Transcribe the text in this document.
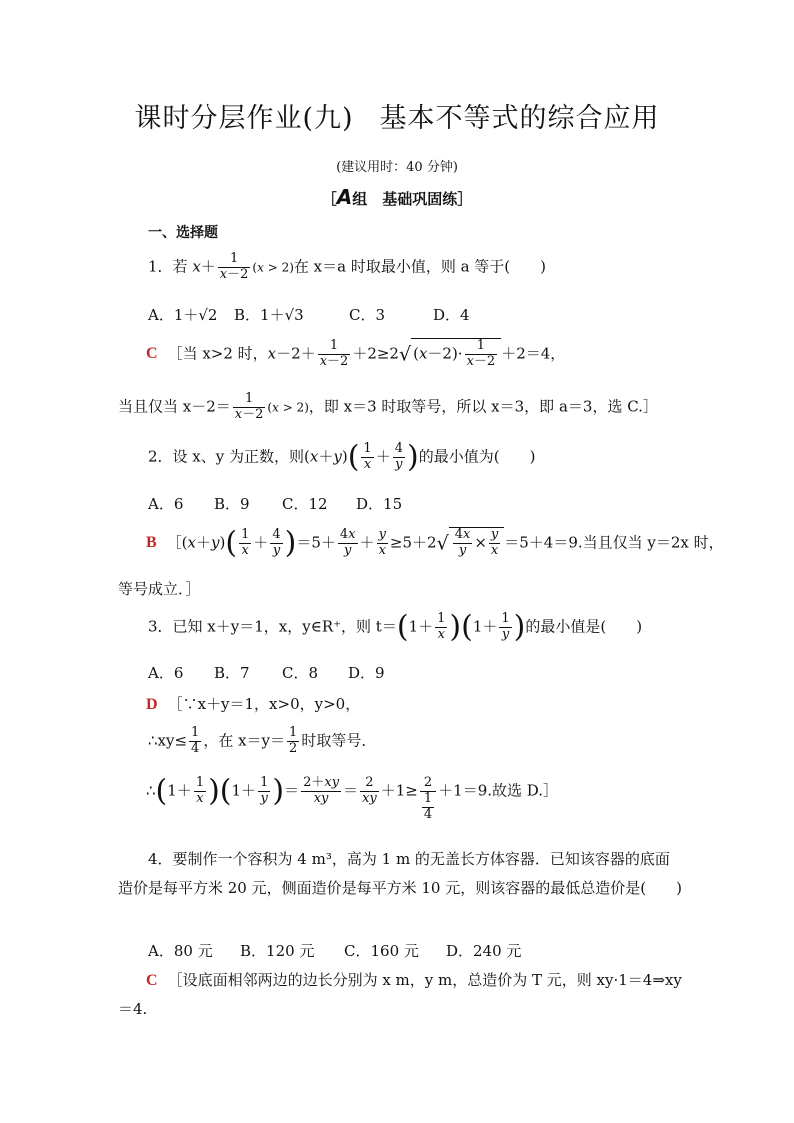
课时分层作业(九) 基本不等式的综合应用
(建议用时：40 分钟)
［A组　基础巩固练］
一、选择题
1．若 $x+ \frac{1}{x-2} (x > 2)$在 x＝a 时取最小值，则 a 等于(　　)
A．1＋√2 B．1＋√3	C．3	D．4
C ［当 x>2 时，$x-2+ \frac{1}{x-2} +2\ge 2√$ $(x-2)\cdot \frac{1}{x-2} +2=4$，
当且仅当 $x-2= \frac{1}{x-2} (x > 2)$，即 x＝3 时取等号，所以 x＝3，即 a＝3，选 C.］
2．设 x、y 为正数，则$(x+y)( \frac{1}{x} + \frac{4}{y}$ )的最小值为(　　)
A．6 B．9 C．12 D．15
B ［(x＋y)( $\frac{1}{x} + \frac{4}{y} )=5+ \frac{4x}{y} + \frac{y}{x} \ge 5+2√ \frac{4x}{y} \times \frac{y}{x} =5+4=9$.当且仅当 y＝2x 时，
等号成立．］
3．已知 x＋y＝1，x，y∈R⁺，则 $t=(1+ \frac{1}{x} )(1+ \frac{1}{y}$ )的最小值是(　　)
A．6 B．7 C．8 D．9
D ［∵x＋y＝1，x>0，y>0，
∴xy≤ $\frac{1}{4}$ ，在 $x=y= \frac{1}{2}$ 时取等号．
∴(1＋ $\frac{1}{x} )(1+ \frac{1}{y}$ )＝ $\frac{2+xy}{xy} = \frac{2}{xy} +1\ge \frac{2}{\frac{1}{4}} +1=9$.故选 D.］
4．要制作一个容积为 4 m³，高为 1 m 的无盖长方体容器．已知该容器的底面造价是每平方米 20 元，侧面造价是每平方米 10 元，则该容器的最低总造价是(　　)
A．80 元 B．120 元 C．160 元 D．240 元
C ［设底面相邻两边的边长分别为 x m，y m，总造价为 T 元，则 xy·1＝4⇒xy＝4.
